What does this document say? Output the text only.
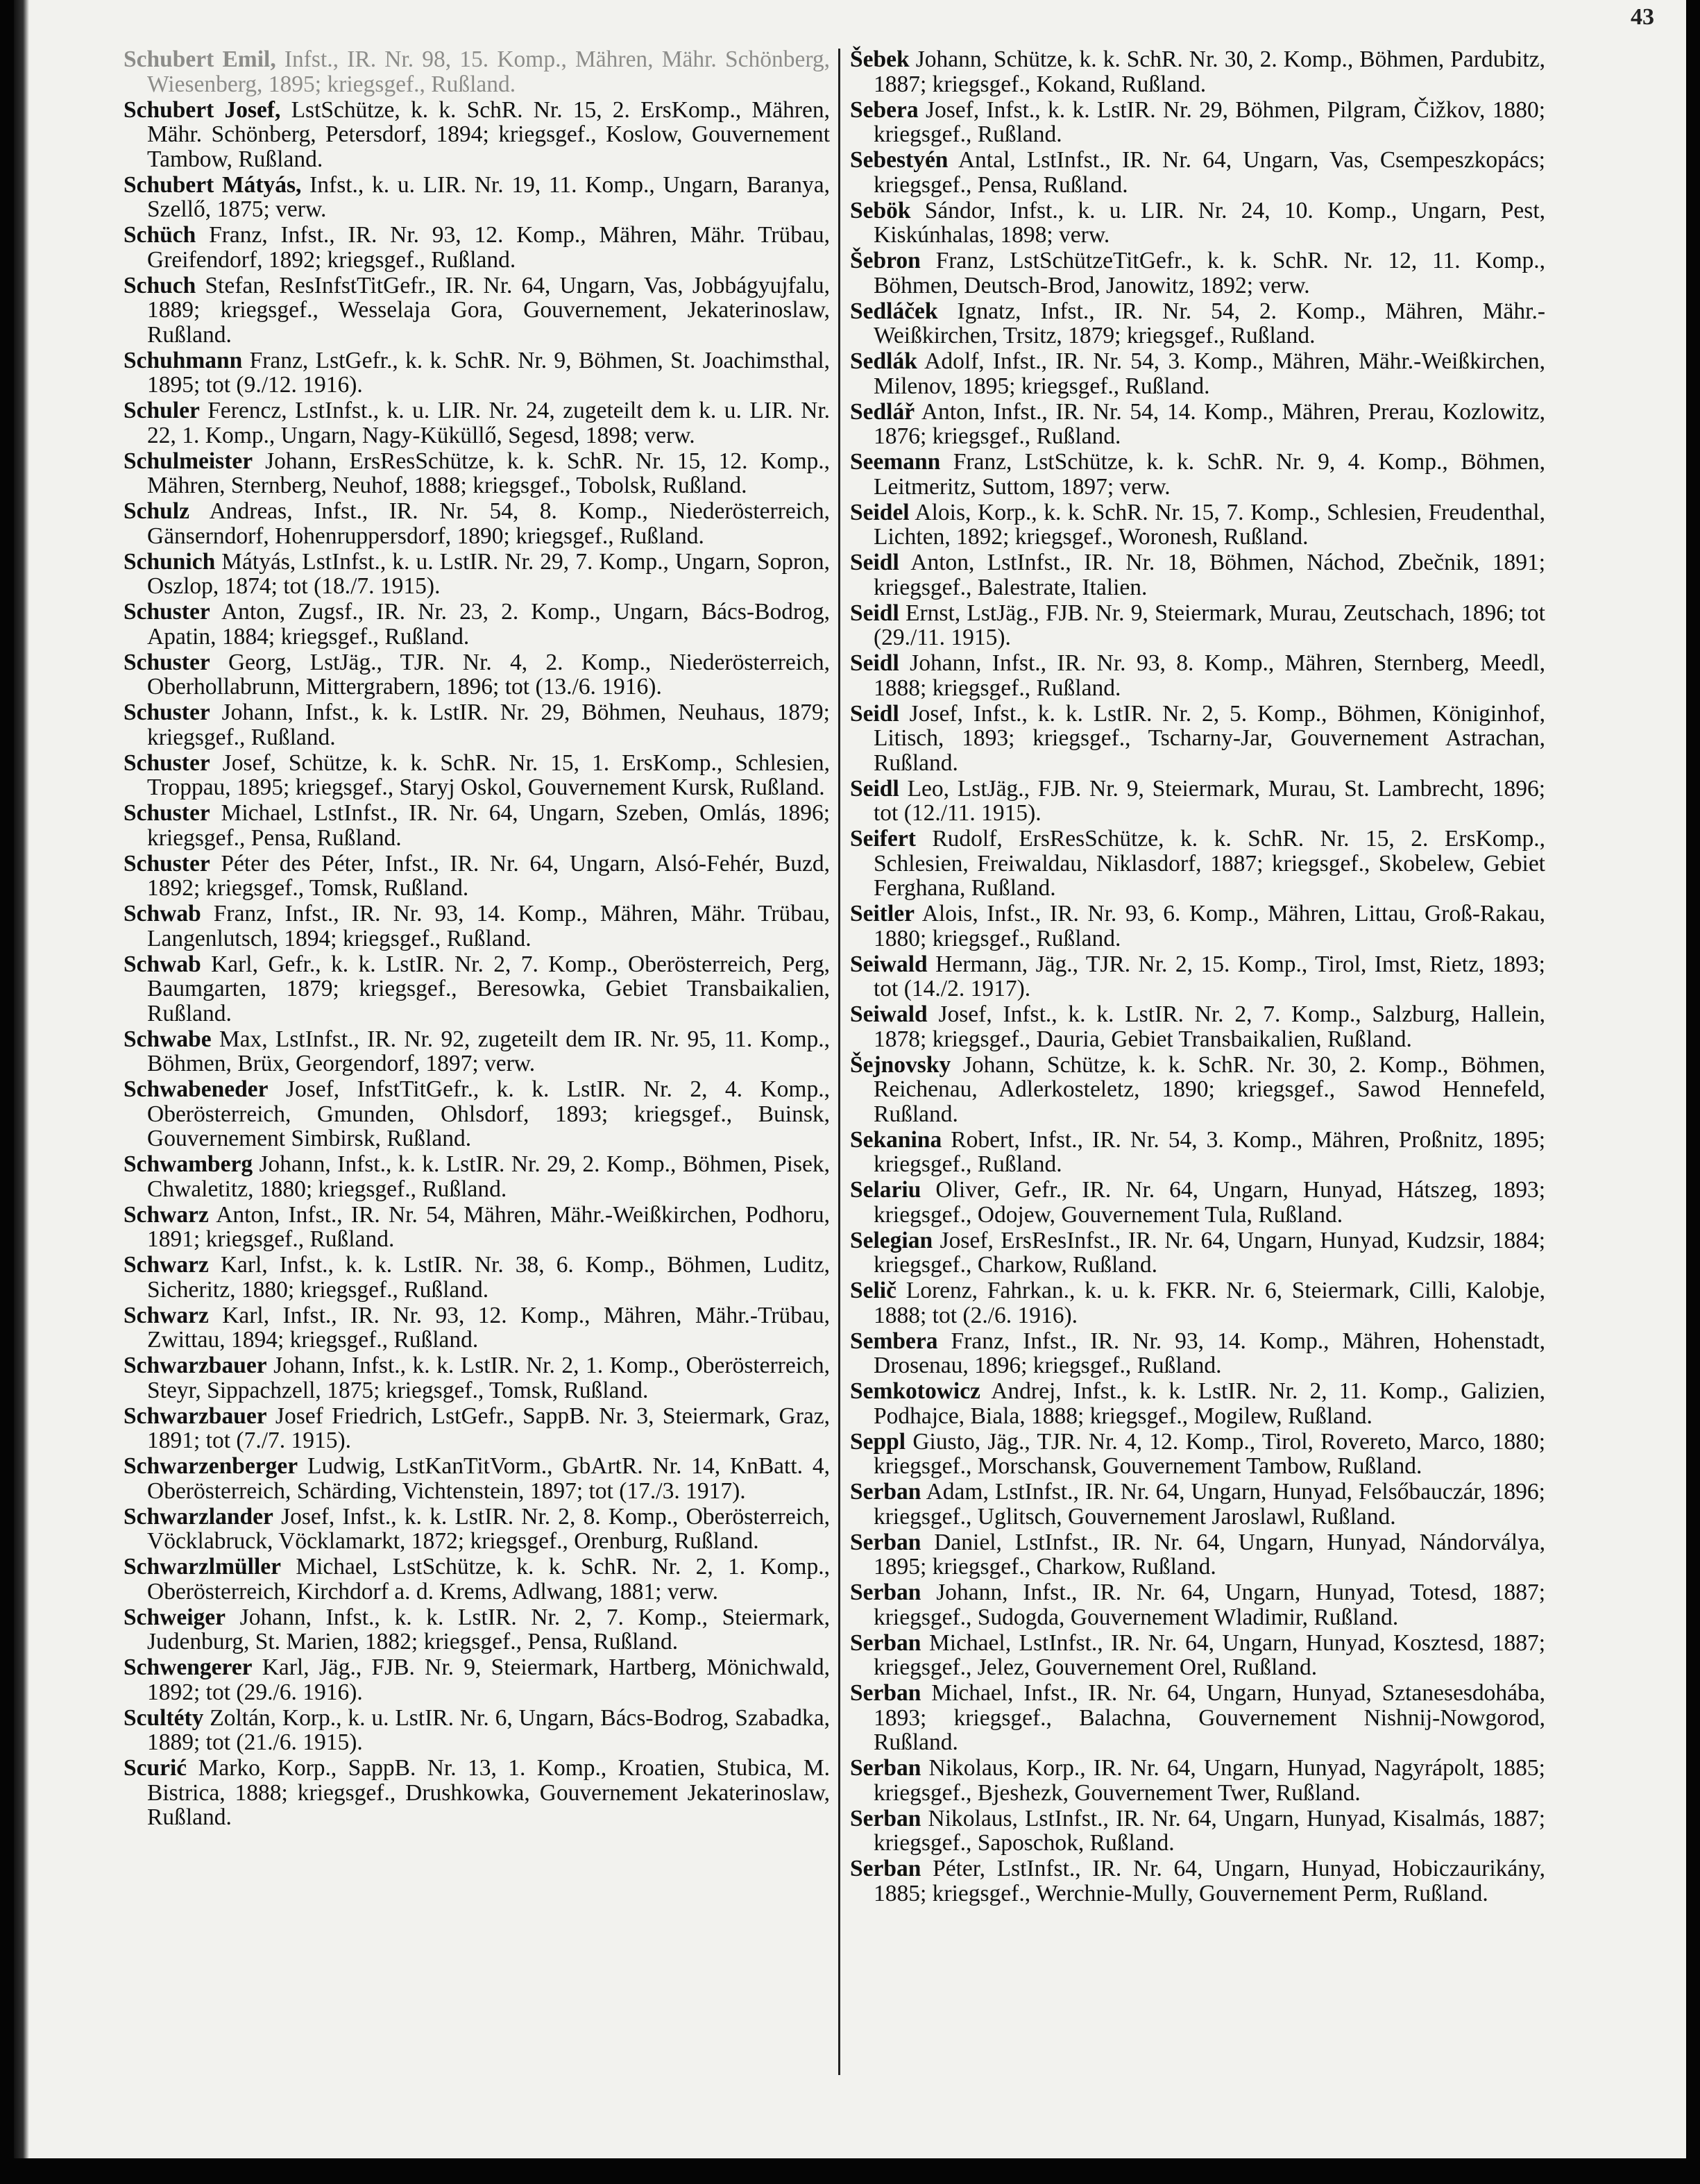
43

Schubert Emil, Infst., IR. Nr. 98, 15. Komp., Mähren, Mähr. Schönberg, Wiesenberg, 1895; kriegsgef., Rußland.

Schubert Josef, LstSchütze, k. k. SchR. Nr. 15, 2. ErsKomp., Mähren, Mähr. Schönberg, Petersdorf, 1894; kriegsgef., Koslow, Gouvernement Tambow, Rußland.

Schubert Mátyás, Infst., k. u. LIR. Nr. 19, 11. Komp., Ungarn, Baranya, Szellő, 1875; verw.

Schüch Franz, Infst., IR. Nr. 93, 12. Komp., Mähren, Mähr. Trübau, Greifendorf, 1892; kriegsgef., Rußland.

Schuch Stefan, ResInfstTitGefr., IR. Nr. 64, Ungarn, Vas, Jobbágyujfalu, 1889; kriegsgef., Wesselaja Gora, Gouvernement, Jekaterinoslaw, Rußland.

Schuhmann Franz, LstGefr., k. k. SchR. Nr. 9, Böhmen, St. Joachimsthal, 1895; tot (9./12. 1916).

Schuler Ferencz, LstInfst., k. u. LIR. Nr. 24, zugeteilt dem k. u. LIR. Nr. 22, 1. Komp., Ungarn, Nagy-Küküllő, Segesd, 1898; verw.

Schulmeister Johann, ErsResSchütze, k. k. SchR. Nr. 15, 12. Komp., Mähren, Sternberg, Neuhof, 1888; kriegsgef., Tobolsk, Rußland.

Schulz Andreas, Infst., IR. Nr. 54, 8. Komp., Niederösterreich, Gänserndorf, Hohenruppersdorf, 1890; kriegsgef., Rußland.

Schunich Mátyás, LstInfst., k. u. LstIR. Nr. 29, 7. Komp., Ungarn, Sopron, Oszlop, 1874; tot (18./7. 1915).

Schuster Anton, Zugsf., IR. Nr. 23, 2. Komp., Ungarn, Bács-Bodrog, Apatin, 1884; kriegsgef., Rußland.

Schuster Georg, LstJäg., TJR. Nr. 4, 2. Komp., Niederösterreich, Oberhollabrunn, Mittergrabern, 1896; tot (13./6. 1916).

Schuster Johann, Infst., k. k. LstIR. Nr. 29, Böhmen, Neuhaus, 1879; kriegsgef., Rußland.

Schuster Josef, Schütze, k. k. SchR. Nr. 15, 1. ErsKomp., Schlesien, Troppau, 1895; kriegsgef., Staryj Oskol, Gouvernement Kursk, Rußland.

Schuster Michael, LstInfst., IR. Nr. 64, Ungarn, Szeben, Omlás, 1896; kriegsgef., Pensa, Rußland.

Schuster Péter des Péter, Infst., IR. Nr. 64, Ungarn, Alsó-Fehér, Buzd, 1892; kriegsgef., Tomsk, Rußland.

Schwab Franz, Infst., IR. Nr. 93, 14. Komp., Mähren, Mähr. Trübau, Langenlutsch, 1894; kriegsgef., Rußland.

Schwab Karl, Gefr., k. k. LstIR. Nr. 2, 7. Komp., Oberösterreich, Perg, Baumgarten, 1879; kriegsgef., Beresowka, Gebiet Transbaikalien, Rußland.

Schwabe Max, LstInfst., IR. Nr. 92, zugeteilt dem IR. Nr. 95, 11. Komp., Böhmen, Brüx, Georgendorf, 1897; verw.

Schwabeneder Josef, InfstTitGefr., k. k. LstIR. Nr. 2, 4. Komp., Oberösterreich, Gmunden, Ohlsdorf, 1893; kriegsgef., Buinsk, Gouvernement Simbirsk, Rußland.

Schwamberg Johann, Infst., k. k. LstIR. Nr. 29, 2. Komp., Böhmen, Pisek, Chwaletitz, 1880; kriegsgef., Rußland.

Schwarz Anton, Infst., IR. Nr. 54, Mähren, Mähr.-Weißkirchen, Podhoru, 1891; kriegsgef., Rußland.

Schwarz Karl, Infst., k. k. LstIR. Nr. 38, 6. Komp., Böhmen, Luditz, Sicheritz, 1880; kriegsgef., Rußland.

Schwarz Karl, Infst., IR. Nr. 93, 12. Komp., Mähren, Mähr.-Trübau, Zwittau, 1894; kriegsgef., Rußland.

Schwarzbauer Johann, Infst., k. k. LstIR. Nr. 2, 1. Komp., Oberösterreich, Steyr, Sippachzell, 1875; kriegsgef., Tomsk, Rußland.

Schwarzbauer Josef Friedrich, LstGefr., SappB. Nr. 3, Steiermark, Graz, 1891; tot (7./7. 1915).

Schwarzenberger Ludwig, LstKanTitVorm., GbArtR. Nr. 14, KnBatt. 4, Oberösterreich, Schärding, Vichtenstein, 1897; tot (17./3. 1917).

Schwarzlander Josef, Infst., k. k. LstIR. Nr. 2, 8. Komp., Oberösterreich, Vöcklabruck, Vöcklamarkt, 1872; kriegsgef., Orenburg, Rußland.

Schwarzlmüller Michael, LstSchütze, k. k. SchR. Nr. 2, 1. Komp., Oberösterreich, Kirchdorf a. d. Krems, Adlwang, 1881; verw.

Schweiger Johann, Infst., k. k. LstIR. Nr. 2, 7. Komp., Steiermark, Judenburg, St. Marien, 1882; kriegsgef., Pensa, Rußland.

Schwengerer Karl, Jäg., FJB. Nr. 9, Steiermark, Hartberg, Mönichwald, 1892; tot (29./6. 1916).

Scultéty Zoltán, Korp., k. u. LstIR. Nr. 6, Ungarn, Bács-Bodrog, Szabadka, 1889; tot (21./6. 1915).

Scurić Marko, Korp., SappB. Nr. 13, 1. Komp., Kroatien, Stubica, M. Bistrica, 1888; kriegsgef., Drushkowka, Gouvernement Jekaterinoslaw, Rußland.

Šebek Johann, Schütze, k. k. SchR. Nr. 30, 2. Komp., Böhmen, Pardubitz, 1887; kriegsgef., Kokand, Rußland.

Sebera Josef, Infst., k. k. LstIR. Nr. 29, Böhmen, Pilgram, Čižkov, 1880; kriegsgef., Rußland.

Sebestyén Antal, LstInfst., IR. Nr. 64, Ungarn, Vas, Csempeszkopács; kriegsgef., Pensa, Rußland.

Sebök Sándor, Infst., k. u. LIR. Nr. 24, 10. Komp., Ungarn, Pest, Kiskúnhalas, 1898; verw.

Šebron Franz, LstSchützeTitGefr., k. k. SchR. Nr. 12, 11. Komp., Böhmen, Deutsch-Brod, Janowitz, 1892; verw.

Sedláček Ignatz, Infst., IR. Nr. 54, 2. Komp., Mähren, Mähr.-Weißkirchen, Trsitz, 1879; kriegsgef., Rußland.

Sedlák Adolf, Infst., IR. Nr. 54, 3. Komp., Mähren, Mähr.-Weißkirchen, Milenov, 1895; kriegsgef., Rußland.

Sedlář Anton, Infst., IR. Nr. 54, 14. Komp., Mähren, Prerau, Kozlowitz, 1876; kriegsgef., Rußland.

Seemann Franz, LstSchütze, k. k. SchR. Nr. 9, 4. Komp., Böhmen, Leitmeritz, Suttom, 1897; verw.

Seidel Alois, Korp., k. k. SchR. Nr. 15, 7. Komp., Schlesien, Freudenthal, Lichten, 1892; kriegsgef., Woronesh, Rußland.

Seidl Anton, LstInfst., IR. Nr. 18, Böhmen, Náchod, Zbečnik, 1891; kriegsgef., Balestrate, Italien.

Seidl Ernst, LstJäg., FJB. Nr. 9, Steiermark, Murau, Zeutschach, 1896; tot (29./11. 1915).

Seidl Johann, Infst., IR. Nr. 93, 8. Komp., Mähren, Sternberg, Meedl, 1888; kriegsgef., Rußland.

Seidl Josef, Infst., k. k. LstIR. Nr. 2, 5. Komp., Böhmen, Königinhof, Litisch, 1893; kriegsgef., Tscharny-Jar, Gouvernement Astrachan, Rußland.

Seidl Leo, LstJäg., FJB. Nr. 9, Steiermark, Murau, St. Lambrecht, 1896; tot (12./11. 1915).

Seifert Rudolf, ErsResSchütze, k. k. SchR. Nr. 15, 2. ErsKomp., Schlesien, Freiwaldau, Niklasdorf, 1887; kriegsgef., Skobelew, Gebiet Ferghana, Rußland.

Seitler Alois, Infst., IR. Nr. 93, 6. Komp., Mähren, Littau, Groß-Rakau, 1880; kriegsgef., Rußland.

Seiwald Hermann, Jäg., TJR. Nr. 2, 15. Komp., Tirol, Imst, Rietz, 1893; tot (14./2. 1917).

Seiwald Josef, Infst., k. k. LstIR. Nr. 2, 7. Komp., Salzburg, Hallein, 1878; kriegsgef., Dauria, Gebiet Transbaikalien, Rußland.

Šejnovsky Johann, Schütze, k. k. SchR. Nr. 30, 2. Komp., Böhmen, Reichenau, Adlerkosteletz, 1890; kriegsgef., Sawod Hennefeld, Rußland.

Sekanina Robert, Infst., IR. Nr. 54, 3. Komp., Mähren, Proßnitz, 1895; kriegsgef., Rußland.

Selariu Oliver, Gefr., IR. Nr. 64, Ungarn, Hunyad, Hátszeg, 1893; kriegsgef., Odojew, Gouvernement Tula, Rußland.

Selegian Josef, ErsResInfst., IR. Nr. 64, Ungarn, Hunyad, Kudzsir, 1884; kriegsgef., Charkow, Rußland.

Selič Lorenz, Fahrkan., k. u. k. FKR. Nr. 6, Steiermark, Cilli, Kalobje, 1888; tot (2./6. 1916).

Sembera Franz, Infst., IR. Nr. 93, 14. Komp., Mähren, Hohenstadt, Drosenau, 1896; kriegsgef., Rußland.

Semkotowicz Andrej, Infst., k. k. LstIR. Nr. 2, 11. Komp., Galizien, Podhajce, Biala, 1888; kriegsgef., Mogilew, Rußland.

Seppl Giusto, Jäg., TJR. Nr. 4, 12. Komp., Tirol, Rovereto, Marco, 1880; kriegsgef., Morschansk, Gouvernement Tambow, Rußland.

Serban Adam, LstInfst., IR. Nr. 64, Ungarn, Hunyad, Felsőbauczár, 1896; kriegsgef., Uglitsch, Gouvernement Jaroslawl, Rußland.

Serban Daniel, LstInfst., IR. Nr. 64, Ungarn, Hunyad, Nándorválya, 1895; kriegsgef., Charkow, Rußland.

Serban Johann, Infst., IR. Nr. 64, Ungarn, Hunyad, Totesd, 1887; kriegsgef., Sudogda, Gouvernement Wladimir, Rußland.

Serban Michael, LstInfst., IR. Nr. 64, Ungarn, Hunyad, Kosztesd, 1887; kriegsgef., Jelez, Gouvernement Orel, Rußland.

Serban Michael, Infst., IR. Nr. 64, Ungarn, Hunyad, Sztanesesdohába, 1893; kriegsgef., Balachna, Gouvernement Nishnij-Nowgorod, Rußland.

Serban Nikolaus, Korp., IR. Nr. 64, Ungarn, Hunyad, Nagyrápolt, 1885; kriegsgef., Bjeshezk, Gouvernement Twer, Rußland.

Serban Nikolaus, LstInfst., IR. Nr. 64, Ungarn, Hunyad, Kisalmás, 1887; kriegsgef., Saposchok, Rußland.

Serban Péter, LstInfst., IR. Nr. 64, Ungarn, Hunyad, Hobiczaurikány, 1885; kriegsgef., Werchnie-Mully, Gouvernement Perm, Rußland.
